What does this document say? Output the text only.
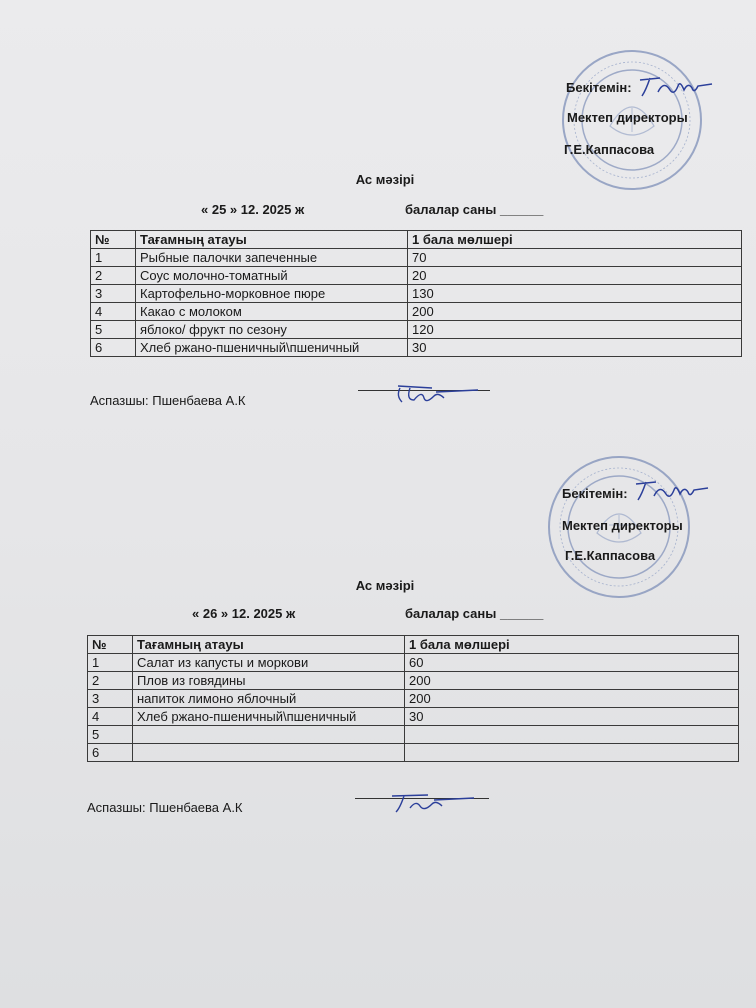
Бекітемін:
Мектеп директоры
Г.Е.Каппасова
Ас мәзірі
« 25 » 12. 2025 ж	балалар саны ______
№	Тағамның атауы	1 бала мөлшері
1	Рыбные палочки запеченные	70
2	Соус молочно-томатный	20
3	Картофельно-морковное пюре	130
4	Какао с молоком	200
5	яблоко/ фрукт по сезону	120
6	Хлеб ржано-пшеничный\пшеничный	30
Аспазшы: Пшенбаева А.К
Бекітемін:
Мектеп директоры
Г.Е.Каппасова
Ас мәзірі
« 26 » 12. 2025 ж	балалар саны ______
№	Тағамның атауы	1 бала мөлшері
1	Салат из капусты и моркови	60
2	Плов из говядины	200
3	напиток лимоно яблочный	200
4	Хлеб ржано-пшеничный\пшеничный	30
5		
6		
Аспазшы: Пшенбаева А.К
